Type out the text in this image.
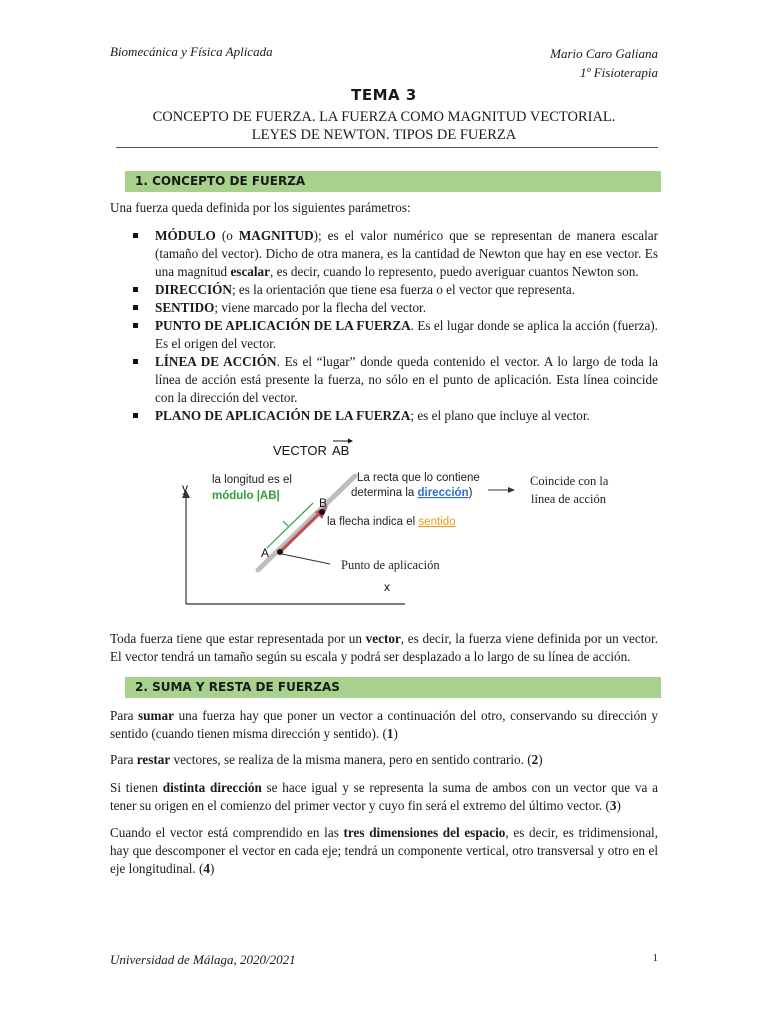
Biomecánica y Física Aplicada	Mario Caro Galiana
1º Fisioterapia
TEMA 3
CONCEPTO DE FUERZA. LA FUERZA COMO MAGNITUD VECTORIAL.
LEYES DE NEWTON. TIPOS DE FUERZA
1. CONCEPTO DE FUERZA
Una fuerza queda definida por los siguientes parámetros:
MÓDULO (o MAGNITUD); es el valor numérico que se representan de manera escalar (tamaño del vector). Dicho de otra manera, es la cantidad de Newton que hay en ese vector. Es una magnitud escalar, es decir, cuando lo represento, puedo averiguar cuantos Newton son.
DIRECCIÓN; es la orientación que tiene esa fuerza o el vector que representa.
SENTIDO; viene marcado por la flecha del vector.
PUNTO DE APLICACIÓN DE LA FUERZA. Es el lugar donde se aplica la acción (fuerza). Es el origen del vector.
LÍNEA DE ACCIÓN. Es el “lugar” donde queda contenido el vector. A lo largo de toda la línea de acción está presente la fuerza, no sólo en el punto de aplicación. Esta línea coincide con la dirección del vector.
PLANO DE APLICACIÓN DE LA FUERZA; es el plano que incluye al vector.
VECTOR AB
y
x
A
B
la longitud es el
módulo |AB|
La recta que lo contiene
determina la dirección)
la flecha indica el sentido
Coincide con la
línea de acción
Punto de aplicación
Toda fuerza tiene que estar representada por un vector, es decir, la fuerza viene definida por un vector. El vector tendrá un tamaño según su escala y podrá ser desplazado a lo largo de su línea de acción.
2. SUMA Y RESTA DE FUERZAS
Para sumar una fuerza hay que poner un vector a continuación del otro, conservando su dirección y sentido (cuando tienen misma dirección y sentido). (1)
Para restar vectores, se realiza de la misma manera, pero en sentido contrario. (2)
Si tienen distinta dirección se hace igual y se representa la suma de ambos con un vector que va a tener su origen en el comienzo del primer vector y cuyo fin será el extremo del último vector. (3)
Cuando el vector está comprendido en las tres dimensiones del espacio, es decir, es tridimensional, hay que descomponer el vector en cada eje; tendrá un componente vertical, otro transversal y otro en el eje longitudinal. (4)
Universidad de Málaga, 2020/2021	1
